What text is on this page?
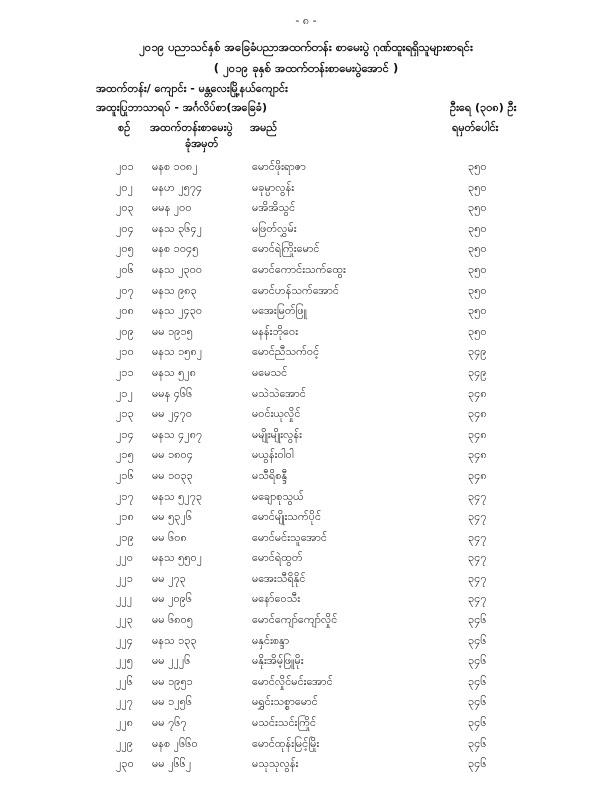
- ၈ -
၂၀၁၉ ပညာသင်နှစ် အခြေခံပညာအထက်တန်း စာမေးပွဲ ဂုဏ်ထူးရရှိသူများစာရင်း
( ၂၀၁၉ ခုနှစ် အထက်တန်းစာမေးပွဲအောင် )
အထက်တန်း/ ကျောင်း - မန္တလေးမြို့နယ်ကျောင်း
အထူးပြုဘာသာရပ် - အင်္ဂလိပ်စာ(အခြေခံ)	ဦးရေ (၃၀၈) ဦး
စဉ် အထက်တန်းစာမေးပွဲ
ခုံအမှတ်
အမည်	ရမှတ်ပေါင်း
၂၀၁ မနစ ၁၀၈၂	မောင်ဖိုးရာဇာ	၃၅၀
၂၀၂ မနဟ ၂၅၇၄	မခုမ္ပာလွန်း	၃၅၀
၂၀၃ မမန ၂၀၀	မအိအိသွင်	၃၅၀
၂၀၄ မနသ ၃၆၄၂	မဖြတ်လွှမ်း	၃၅၀
၂၀၅ မနစ ၁၀၄၅	မောင်ရဲကြိုးမောင်	၃၅၀
၂၀၆ မနသ ၂၃၀၀	မောင်ကောင်းသက်ထွေး	၃၅၀
၂၀၇ မနသ ၉၈၃	မောင်ဟန်သက်အောင်	၃၅၀
၂၀၈ မနသ ၂၄၃၀	မအေးမြတ်ဖြူ	၃၅၀
၂၀၉ မမ ၁၉၁၅	မနန်းဘိုဝေး	၃၅၀
၂၁၀ မနသ ၁၅၈၂	မောင်ညီသက်ဝင့်	၃၄၉
၂၁၁ မနသ ၅၂၈	မမေသင်	၃၄၉
၂၁၂ မမန ၄၆၆	မသဲသဲအောင်	၃၄၈
၂၁၃ မမ ၂၄၇၀	မဝင်းယုလှိုင်	၃၄၈
၂၁၄ မနသ ၄၂၈၇	မမျိုးမျိုးလွန်း	၃၄၈
၂၁၅ မမ ၁၈၀၄	မယွန်းဝါဝါ	၃၄၈
၂၁၆ မမ ၁၀၃၃	မသီရိစန္ဒီ	၃၄၈
၂၁၇ မနသ ၅၂၇၃	မချောစုသွယ်	၃၄၇
၂၁၈ မမ ၅၃၂၆	မောင်မျိုးသက်ပိုင်	၃၄၇
၂၁၉ မမ ၆၀၈	မောင်မင်းသူအောင်	၃၄၇
၂၂၀ မနသ ၅၅၀၂	မောင်ရဲထွတ်	၃၄၇
၂၂၁ မမ ၂၇၃	မအေးသီရိနိုင်	၃၄၇
၂၂၂ မမ ၂၀၉၆	မနော်ဝေသီး	၃၄၇
၂၂၃ မမ ၆၈၀၅	မောင်ကျော်ကျော်လှိုင်	၃၄၆
၂၂၄ မနသ ၁၃၃	မနှင်းစန္ဒာ	၃၄၆
၂၂၅ မမ ၂၂၂၆	မနိုးအိမ့်ဖြူမိုး	၃၄၆
၂၂၆ မမ ၁၉၅၁	မောင်လှိုင်မင်းအောင်	၃၄၆
၂၂၇ မမ ၁၂၅၆	မရွှင်းသစ္စာမောင်	၃၄၆
၂၂၈ မမ ၇၆၇	မသင်းသင်းကြိုင်	၃၄၆
၂၂၉ မနစ ၂၆၆၀	မောင်ထုန်းမြင့်မြိုး	၃၄၆
၂၃၀ မမ ၂၆၆၂	မသုသုလွန်း	၃၄၆
